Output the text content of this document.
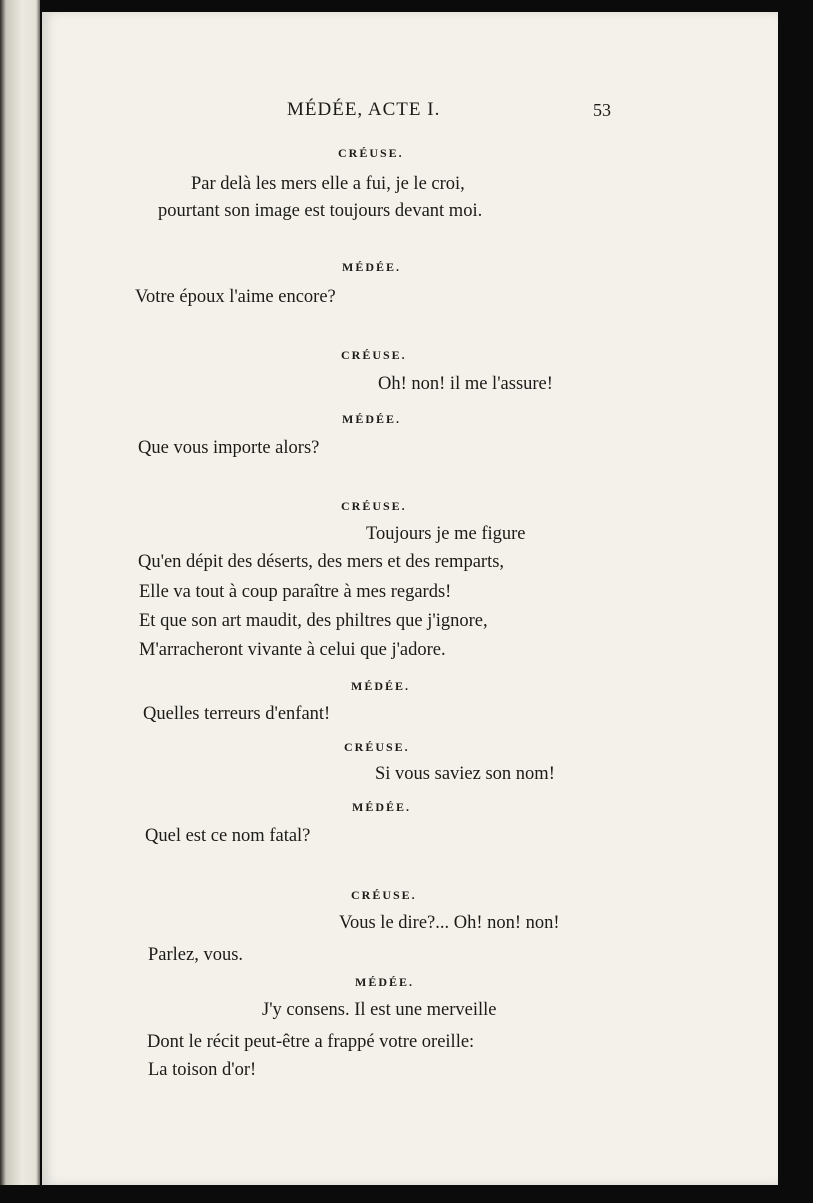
MÉDÉE, ACTE I.	53
CRÉUSE.
Par delà les mers elle a fui, je le croi,
pourtant son image est toujours devant moi.
MÉDÉE.
Votre époux l'aime encore?
CRÉUSE.
Oh! non! il me l'assure!
MÉDÉE.
Que vous importe alors?
CRÉUSE.
Toujours je me figure
Qu'en dépit des déserts, des mers et des remparts,
Elle va tout à coup paraître à mes regards!
Et que son art maudit, des philtres que j'ignore,
M'arracheront vivante à celui que j'adore.
MÉDÉE.
Quelles terreurs d'enfant!
CRÉUSE.
Si vous saviez son nom!
MÉDÉE.
Quel est ce nom fatal?
CRÉUSE.
Vous le dire?... Oh! non! non!
Parlez, vous.
MÉDÉE.
J'y consens. Il est une merveille
Dont le récit peut-être a frappé votre oreille:
La toison d'or!
